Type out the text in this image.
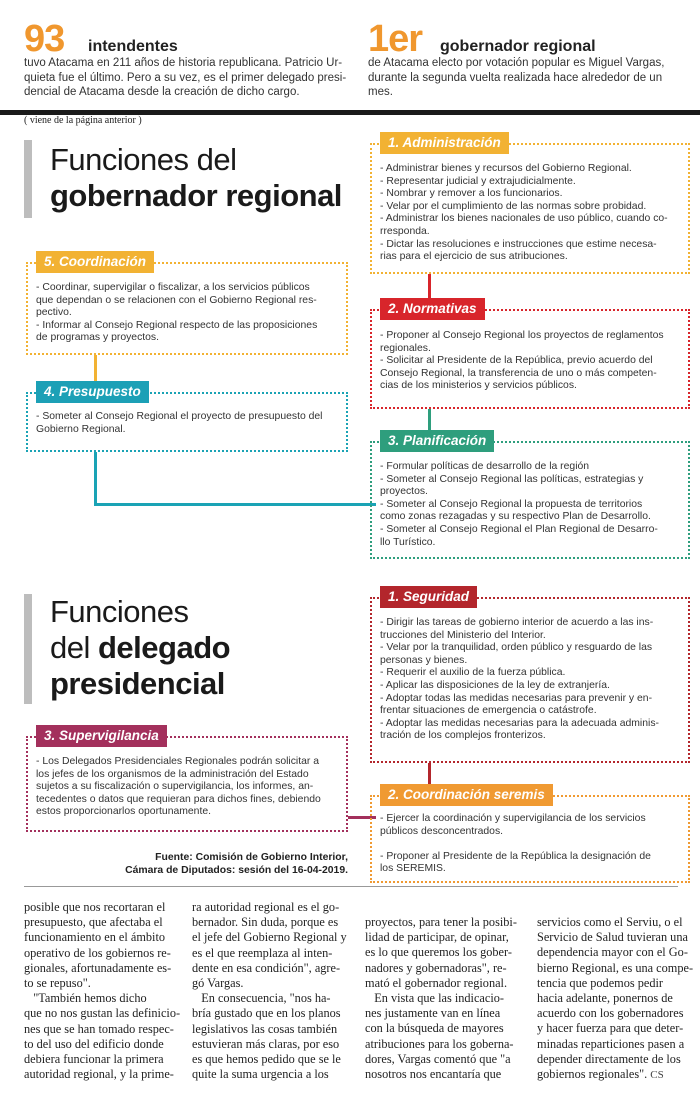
93 intendentes
tuvo Atacama en 211 años de historia republicana. Patricio Ur-
quieta fue el último. Pero a su vez, es el primer delegado presi-
dencial de Atacama desde la creación de dicho cargo.
1er gobernador regional
de Atacama electo por votación popular es Miguel Vargas,
durante la segunda vuelta realizada hace alrededor de un
mes.
( viene de la página anterior )
Funciones del
gobernador regional
1. Administración
- Administrar bienes y recursos del Gobierno Regional.
- Representar judicial y extrajudicialmente.
- Nombrar y remover a los funcionarios.
- Velar por el cumplimiento de las normas sobre probidad.
- Administrar los bienes nacionales de uso público, cuando co-
rresponda.
- Dictar las resoluciones e instrucciones que estime necesa-
rias para el ejercicio de sus atribuciones.
5. Coordinación
- Coordinar, supervigilar o fiscalizar, a los servicios públicos
que dependan o se relacionen con el Gobierno Regional res-
pectivo.
- Informar al Consejo Regional respecto de las proposiciones
de programas y proyectos.
2. Normativas
- Proponer al Consejo Regional los proyectos de reglamentos
regionales.
- Solicitar al Presidente de la República, previo acuerdo del
Consejo Regional, la transferencia de uno o más competen-
cias de los ministerios y servicios públicos.
4. Presupuesto
- Someter al Consejo Regional el proyecto de presupuesto del
Gobierno Regional.
3. Planificación
- Formular políticas de desarrollo de la región
- Someter al Consejo Regional las políticas, estrategias y
proyectos.
- Someter al Consejo Regional la propuesta de territorios
como zonas rezagadas y su respectivo Plan de Desarrollo.
- Someter al Consejo Regional el Plan Regional de Desarro-
llo Turístico.
Funciones
del delegado
presidencial
1. Seguridad
- Dirigir las tareas de gobierno interior de acuerdo a las ins-
trucciones del Ministerio del Interior.
- Velar por la tranquilidad, orden público y resguardo de las
personas y bienes.
- Requerir el auxilio de la fuerza pública.
- Aplicar las disposiciones de la ley de extranjería.
- Adoptar todas las medidas necesarias para prevenir y en-
frentar situaciones de emergencia o catástrofe.
- Adoptar las medidas necesarias para la adecuada adminis-
tración de los complejos fronterizos.
3. Supervigilancia
- Los Delegados Presidenciales Regionales podrán solicitar a
los jefes de los organismos de la administración del Estado
sujetos a su fiscalización o supervigilancia, los informes, an-
tecedentes o datos que requieran para dichos fines, debiendo
estos proporcionarlos oportunamente.
2. Coordinación seremis
- Ejercer la coordinación y supervigilancia de los servicios
públicos desconcentrados.
- Proponer al Presidente de la República la designación de
los SEREMIS.
Fuente: Comisión de Gobierno Interior,
Cámara de Diputados: sesión del 16-04-2019.
posible que nos recortaran el
presupuesto, que afectaba el
funcionamiento en el ámbito
operativo de los gobiernos re-
gionales, afortunadamente es-
to se repuso".
"También hemos dicho
que no nos gustan las definicio-
nes que se han tomado respec-
to del uso del edificio donde
debiera funcionar la primera
autoridad regional, y la prime-
ra autoridad regional es el go-
bernador. Sin duda, porque es
el jefe del Gobierno Regional y
es el que reemplaza al inten-
dente en esa condición", agre-
gó Vargas.
En consecuencia, "nos ha-
bría gustado que en los planos
legislativos las cosas también
estuvieran más claras, por eso
es que hemos pedido que se le
quite la suma urgencia a los
proyectos, para tener la posibi-
lidad de participar, de opinar,
es lo que queremos los gober-
nadores y gobernadoras", re-
mató el gobernador regional.
En vista que las indicacio-
nes justamente van en línea
con la búsqueda de mayores
atribuciones para los goberna-
dores, Vargas comentó que "a
nosotros nos encantaría que
servicios como el Serviu, o el
Servicio de Salud tuvieran una
dependencia mayor con el Go-
bierno Regional, es una compe-
tencia que podemos pedir
hacia adelante, ponernos de
acuerdo con los gobernadores
y hacer fuerza para que deter-
minadas reparticiones pasen a
depender directamente de los
gobiernos regionales". CS
